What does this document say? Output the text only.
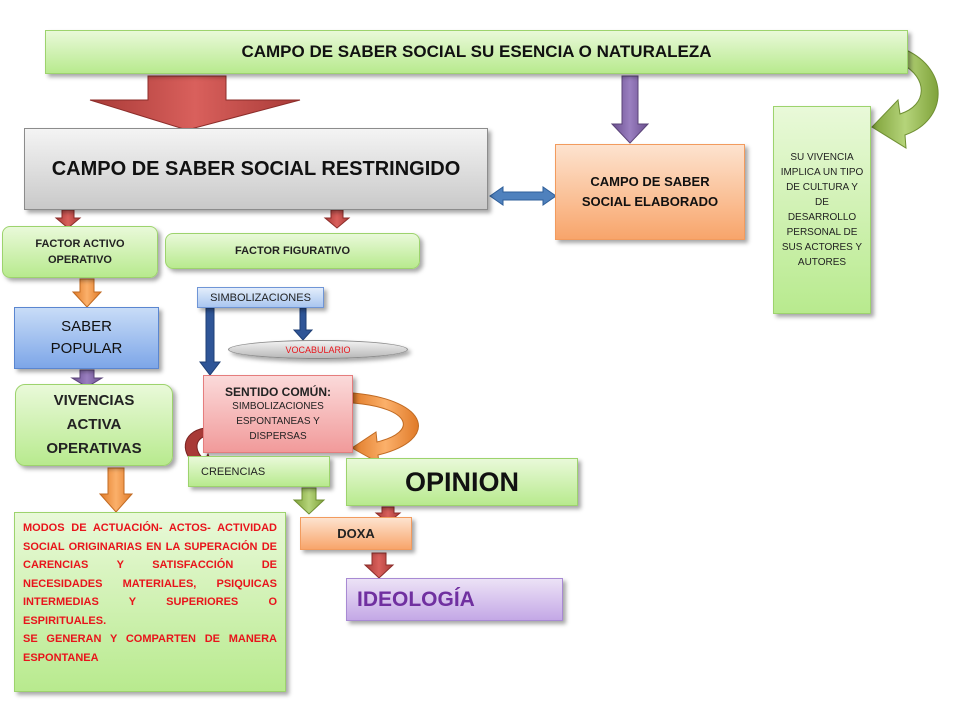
CAMPO DE SABER SOCIAL SU ESENCIA O NATURALEZA
CAMPO DE SABER SOCIAL RESTRINGIDO
CAMPO DE SABER SOCIAL ELABORADO
SU VIVENCIA IMPLICA UN TIPO DE CULTURA Y DE DESARROLLO PERSONAL DE SUS ACTORES Y AUTORES
FACTOR ACTIVO OPERATIVO
FACTOR FIGURATIVO
SIMBOLIZACIONES
VOCABULARIO
SABER POPULAR
VIVENCIAS ACTIVA OPERATIVAS
SENTIDO COMÚN:
SIMBOLIZACIONES ESPONTANEAS Y DISPERSAS
CREENCIAS	OPINION
DOXA
IDEOLOGÍA
MODOS DE ACTUACIÓN- ACTOS- ACTIVIDAD SOCIAL ORIGINARIAS EN LA SUPERACIÓN DE CARENCIAS Y SATISFACCIÓN DE NECESIDADES MATERIALES, PSIQUICAS INTERMEDIAS Y SUPERIORES O ESPIRITUALES.
SE GENERAN Y COMPARTEN DE MANERA ESPONTANEA
